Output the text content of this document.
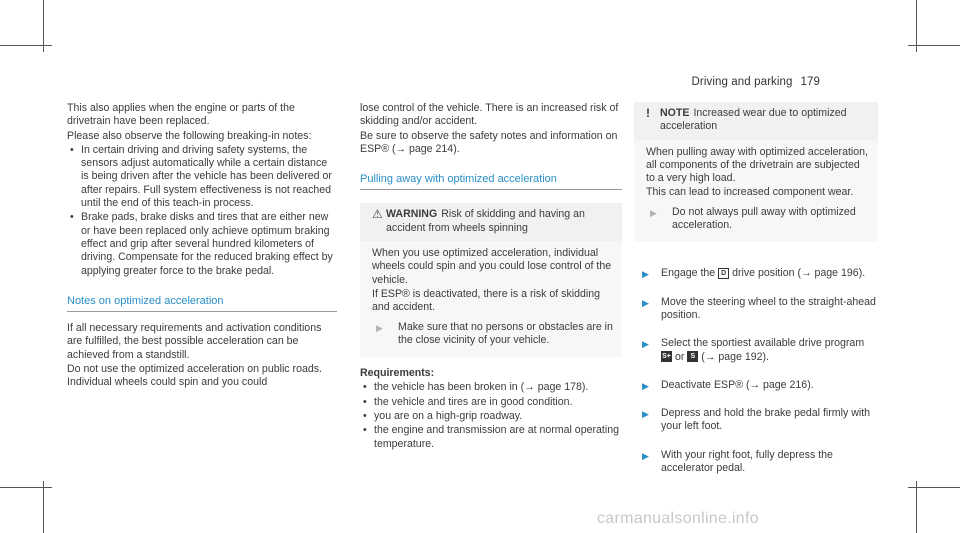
Driving and parking 179

This also applies when the engine or parts of the drivetrain have been replaced.

Please also observe the following breaking-in notes:

• In certain driving and driving safety systems, the sensors adjust automatically while a certain distance is being driven after the vehicle has been delivered or after repairs. Full system effectiveness is not reached until the end of this teach-in process.
• Brake pads, brake disks and tires that are either new or have been replaced only achieve optimum braking effect and grip after several hundred kilometers of driving. Compensate for the reduced braking effect by applying greater force to the brake pedal.
Notes on optimized acceleration

If all necessary requirements and activation conditions are fulfilled, the best possible acceleration can be achieved from a standstill.

Do not use the optimized acceleration on public roads. Individual wheels could spin and you could

lose control of the vehicle. There is an increased risk of skidding and/or accident.

Be sure to observe the safety notes and information on ESP® (→ page 214).

Pulling away with optimized acceleration
⚠ WARNING Risk of skidding and having an accident from wheels spinning

When you use optimized acceleration, individual wheels could spin and you could lose control of the vehicle.

If ESP® is deactivated, there is a risk of skidding and accident.

▶ Make sure that no persons or obstacles are in the close vicinity of your vehicle.

Requirements:

• the vehicle has been broken in (→ page 178).
• the vehicle and tires are in good condition.
• you are on a high-grip roadway.
• the engine and transmission are at normal operating temperature.
! NOTE Increased wear due to optimized acceleration

When pulling away with optimized acceleration, all components of the drivetrain are subjected to a very high load.

This can lead to increased component wear.

▶ Do not always pull away with optimized acceleration.
▶ Engage the D drive position (→ page 196).
▶ Move the steering wheel to the straight-ahead position.
▶ Select the sportiest available drive program
S+ or S (→ page 192).
▶ Deactivate ESP® (→ page 216).
▶ Depress and hold the brake pedal firmly with your left foot.
▶ With your right foot, fully depress the accelerator pedal.
carmanualsonline.info
